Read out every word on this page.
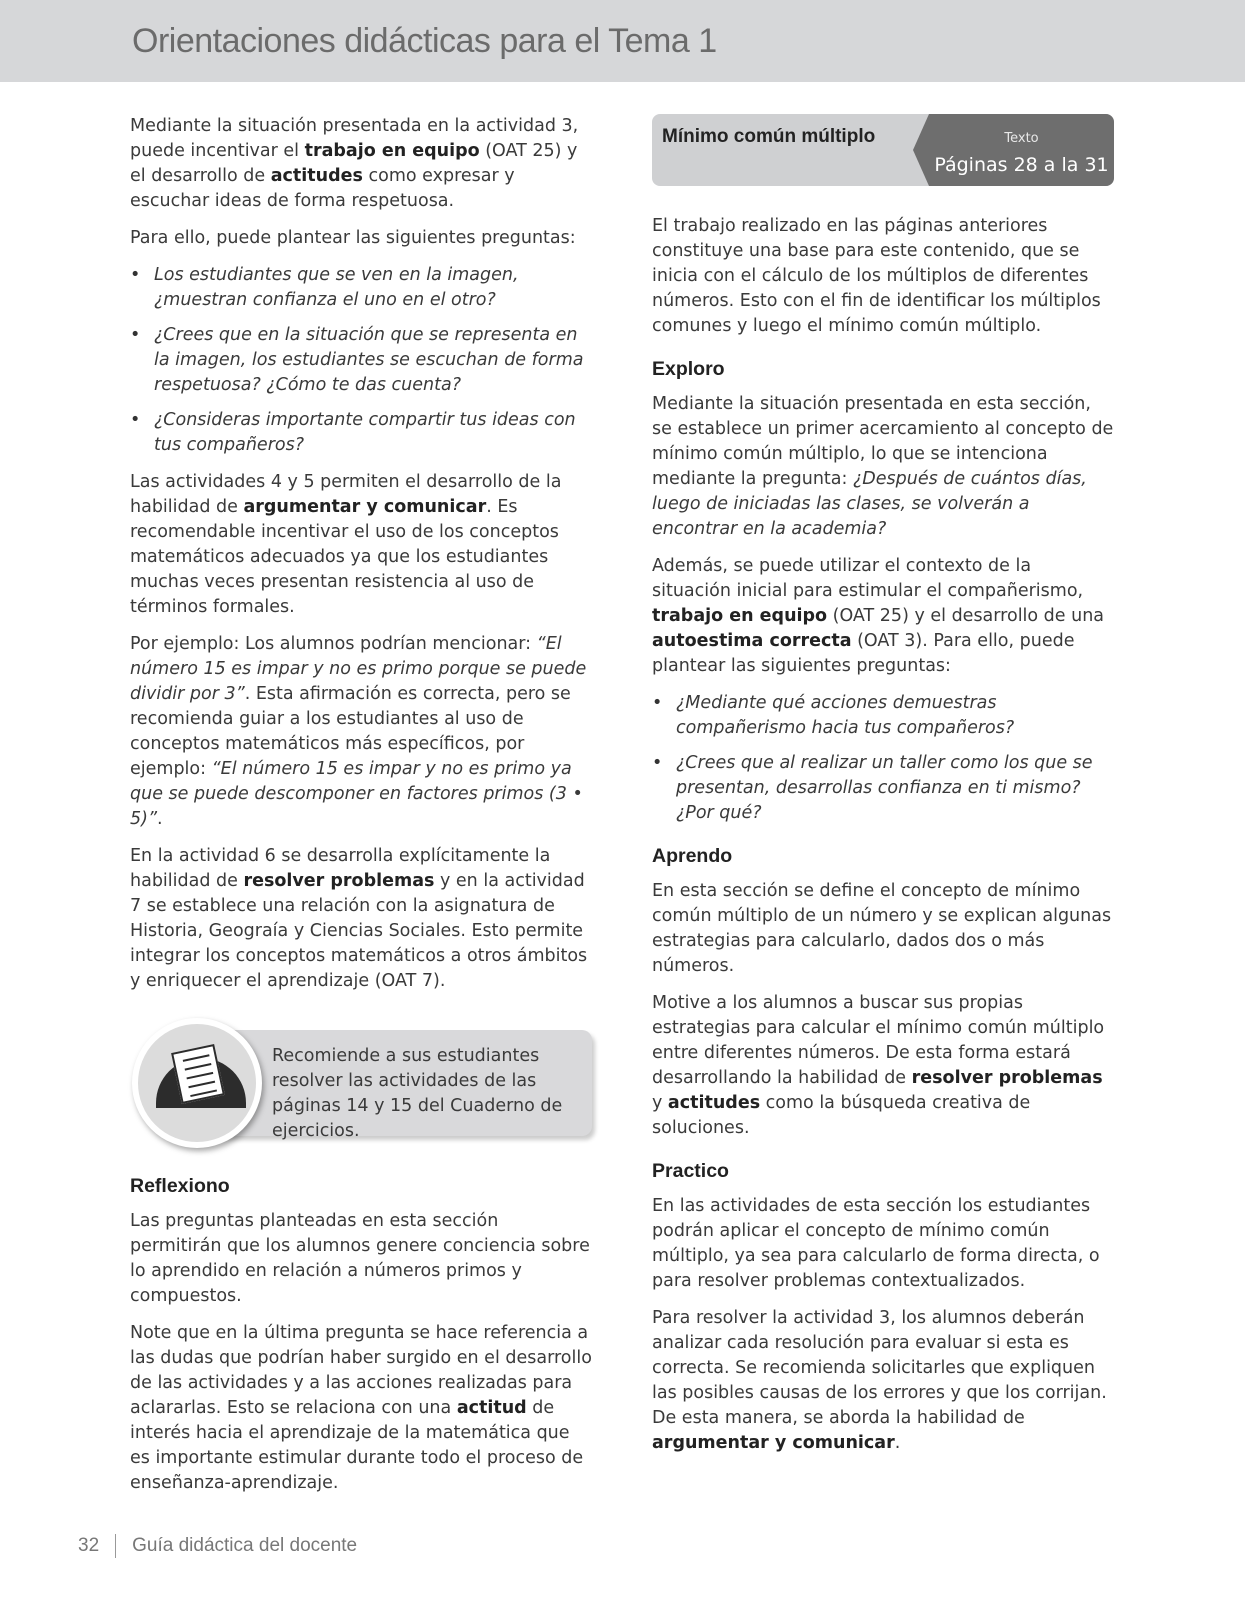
Orientaciones didácticas para el Tema 1

Mediante la situación presentada en la actividad 3, puede incentivar el trabajo en equipo (OAT 25) y el desarrollo de actitudes como expresar y escuchar ideas de forma respetuosa.

Para ello, puede plantear las siguientes preguntas:

• Los estudiantes que se ven en la imagen, ¿muestran confianza el uno en el otro?
• ¿Crees que en la situación que se representa en la imagen, los estudiantes se escuchan de forma respetuosa? ¿Cómo te das cuenta?
• ¿Consideras importante compartir tus ideas con tus compañeros?

Las actividades 4 y 5 permiten el desarrollo de la habilidad de argumentar y comunicar. Es recomendable incentivar el uso de los conceptos matemáticos adecuados ya que los estudiantes muchas veces presentan resistencia al uso de términos formales.

Por ejemplo: Los alumnos podrían mencionar: “El número 15 es impar y no es primo porque se puede dividir por 3”. Esta afirmación es correcta, pero se recomienda guiar a los estudiantes al uso de conceptos matemáticos más específicos, por ejemplo: “El número 15 es impar y no es primo ya que se puede descomponer en factores primos (3 • 5)”.

En la actividad 6 se desarrolla explícitamente la habilidad de resolver problemas y en la actividad 7 se establece una relación con la asignatura de Historia, Geograía y Ciencias Sociales. Esto permite integrar los conceptos matemáticos a otros ámbitos y enriquecer el aprendizaje (OAT 7).

Recomiende a sus estudiantes resolver las actividades de las páginas 14 y 15 del Cuaderno de ejercicios.
Reflexiono

Las preguntas planteadas en esta sección permitirán que los alumnos genere conciencia sobre lo aprendido en relación a números primos y compuestos.

Note que en la última pregunta se hace referencia a las dudas que podrían haber surgido en el desarrollo de las actividades y a las acciones realizadas para aclararlas. Esto se relaciona con una actitud de interés hacia el aprendizaje de la matemática que es importante estimular durante todo el proceso de enseñanza-aprendizaje.

Mínimo común múltiplo	Texto
Páginas 28 a la 31

El trabajo realizado en las páginas anteriores constituye una base para este contenido, que se inicia con el cálculo de los múltiplos de diferentes números. Esto con el fin de identificar los múltiplos comunes y luego el mínimo común múltiplo.

Exploro

Mediante la situación presentada en esta sección, se establece un primer acercamiento al concepto de mínimo común múltiplo, lo que se intenciona mediante la pregunta: ¿Después de cuántos días, luego de iniciadas las clases, se volverán a encontrar en la academia?

Además, se puede utilizar el contexto de la situación inicial para estimular el compañerismo, trabajo en equipo (OAT 25) y el desarrollo de una autoestima correcta (OAT 3). Para ello, puede plantear las siguientes preguntas:

• ¿Mediante qué acciones demuestras compañerismo hacia tus compañeros?
• ¿Crees que al realizar un taller como los que se presentan, desarrollas confianza en ti mismo? ¿Por qué?
Aprendo

En esta sección se define el concepto de mínimo común múltiplo de un número y se explican algunas estrategias para calcularlo, dados dos o más números.

Motive a los alumnos a buscar sus propias estrategias para calcular el mínimo común múltiplo entre diferentes números. De esta forma estará desarrollando la habilidad de resolver problemas y actitudes como la búsqueda creativa de soluciones.

Practico

En las actividades de esta sección los estudiantes podrán aplicar el concepto de mínimo común múltiplo, ya sea para calcularlo de forma directa, o para resolver problemas contextualizados.

Para resolver la actividad 3, los alumnos deberán analizar cada resolución para evaluar si esta es correcta. Se recomienda solicitarles que expliquen las posibles causas de los errores y que los corrijan. De esta manera, se aborda la habilidad de argumentar y comunicar.

32 Guía didáctica del docente
